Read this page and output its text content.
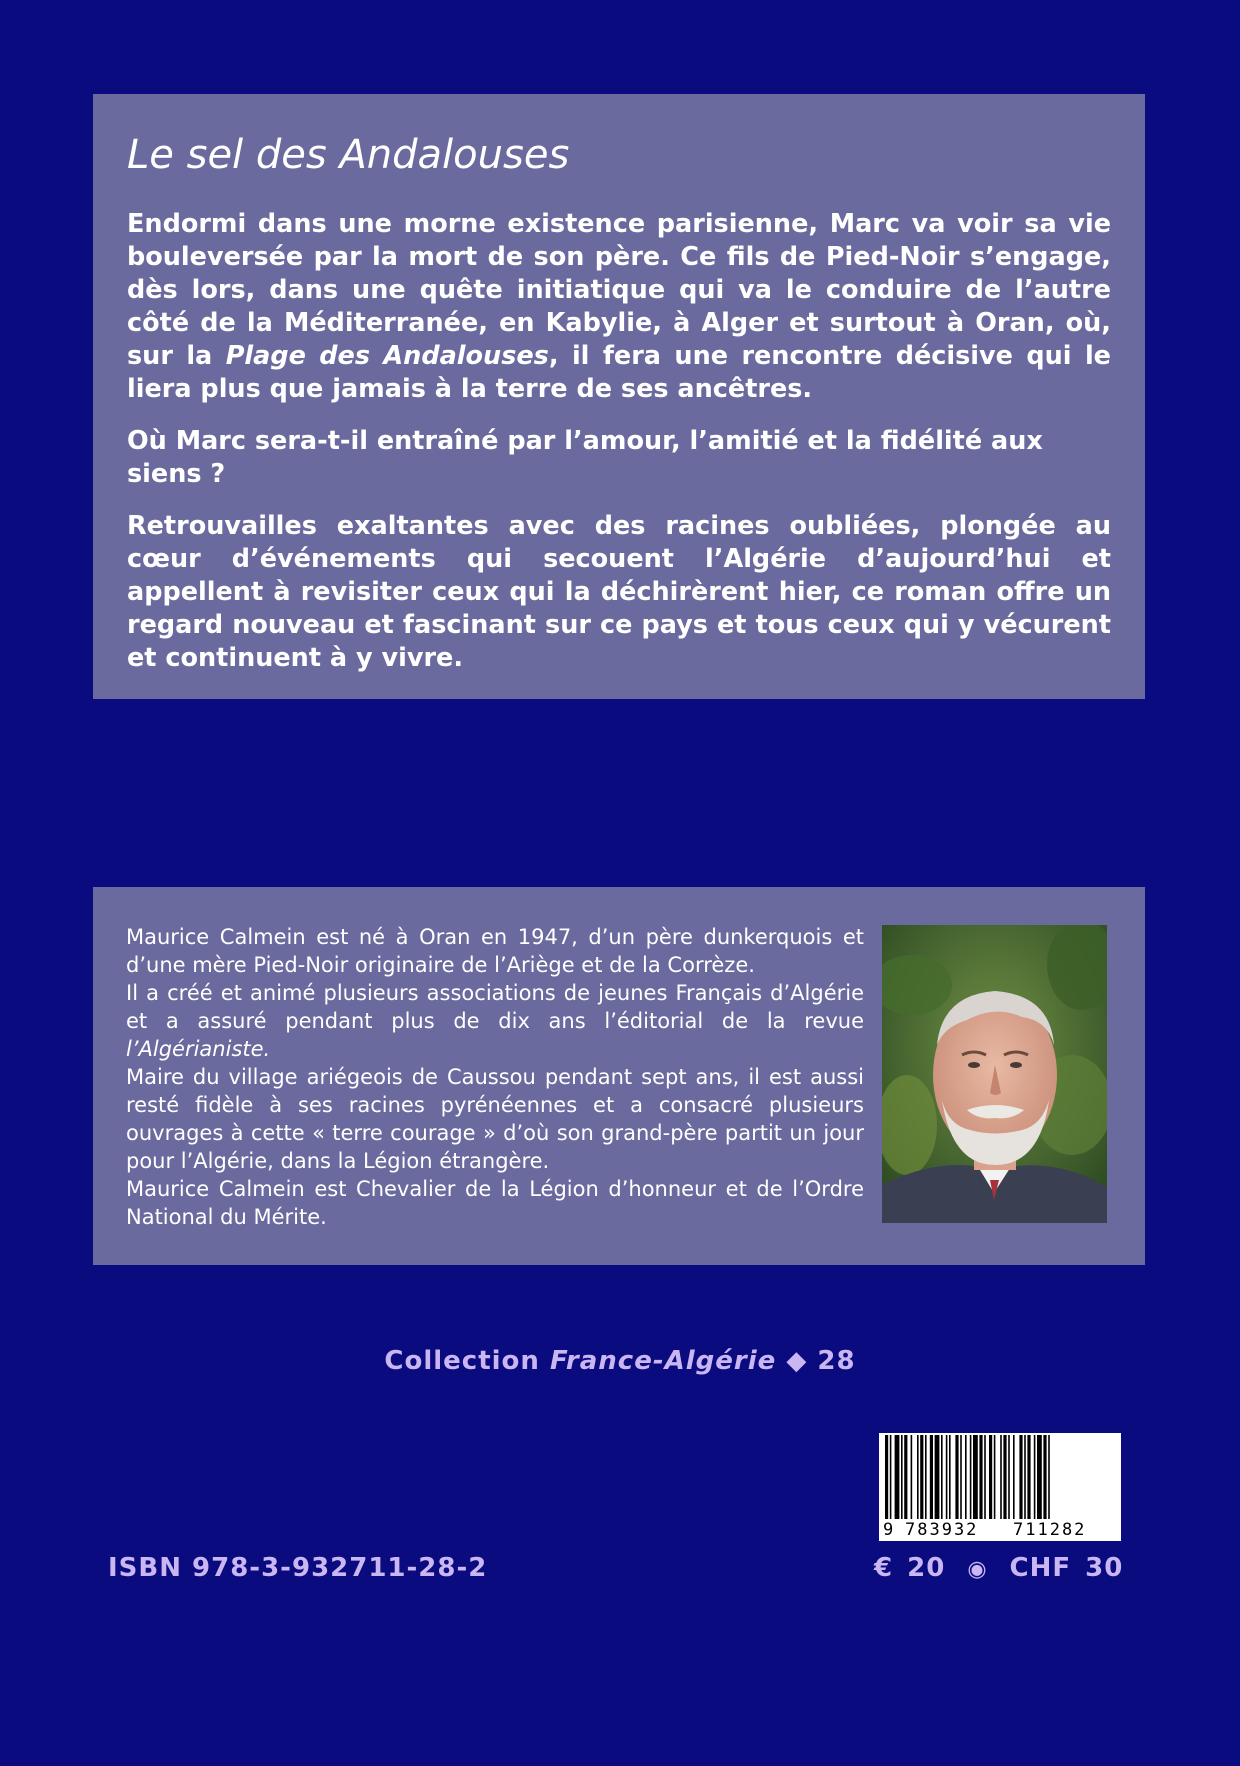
Le sel des Andalouses

Endormi dans une morne existence parisienne, Marc va voir sa vie bouleversée par la mort de son père. Ce fils de Pied-Noir s’engage, dès lors, dans une quête initiatique qui va le conduire de l’autre côté de la Méditerranée, en Kabylie, à Alger et surtout à Oran, où, sur la Plage des Andalouses, il fera une rencontre décisive qui le liera plus que jamais à la terre de ses ancêtres.

Où Marc sera-t-il entraîné par l’amour, l’amitié et la fidélité aux siens ?

Retrouvailles exaltantes avec des racines oubliées, plongée au cœur d’événements qui secouent l’Algérie d’aujourd’hui et appellent à revisiter ceux qui la déchirèrent hier, ce roman offre un regard nouveau et fascinant sur ce pays et tous ceux qui y vécurent et continuent à y vivre.

Maurice Calmein est né à Oran en 1947, d’un père dunkerquois et d’une mère Pied-Noir originaire de l’Ariège et de la Corrèze.
Il a créé et animé plusieurs associations de jeunes Français d’Algérie et a assuré pendant plus de dix ans l’éditorial de la revue l’Algérianiste.
Maire du village ariégeois de Caussou pendant sept ans, il est aussi resté fidèle à ses racines pyrénéennes et a consacré plusieurs ouvrages à cette « terre courage » d’où son grand-père partit un jour pour l’Algérie, dans la Légion étrangère.
Maurice Calmein est Chevalier de la Légion d’honneur et de l’Ordre National du Mérite.
Collection France-Algérie ◆ 28
9 783932 711282
ISBN 978-3-932711-28-2	€ 20 ◉ CHF 30
